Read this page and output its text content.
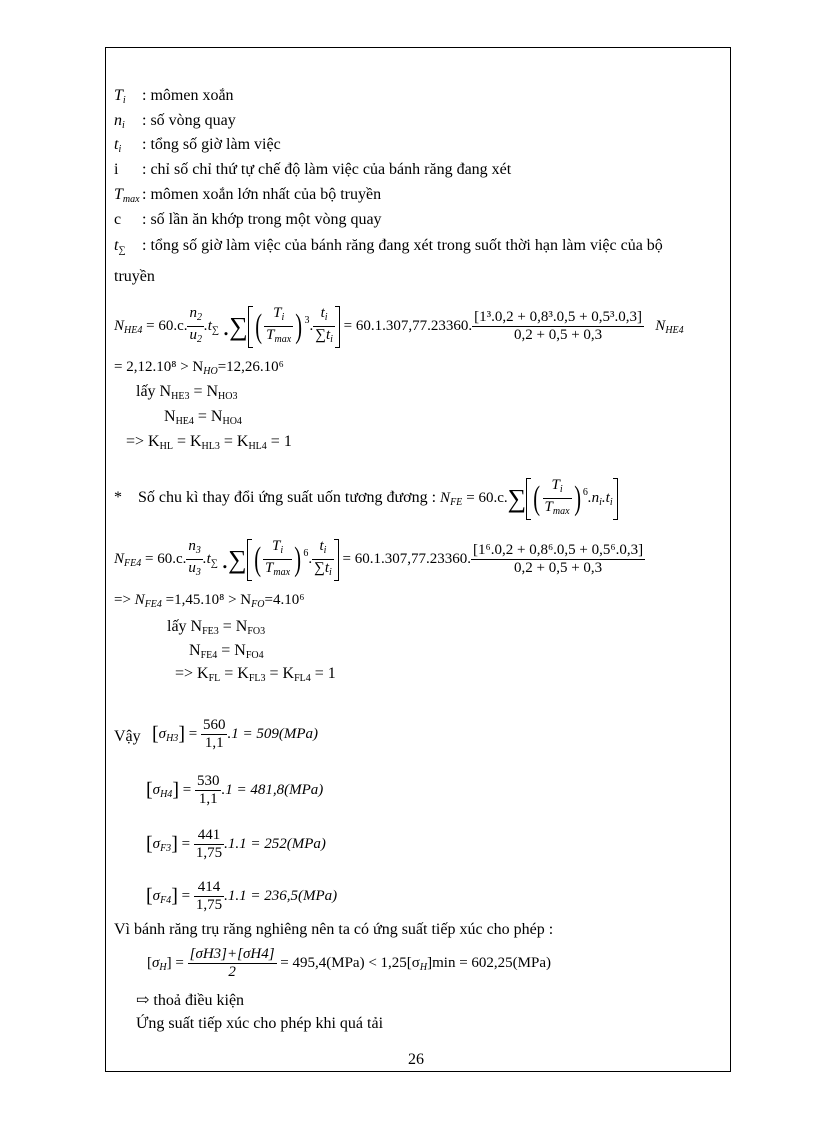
$T_i$ : mômen xoắn
$n_i$ : số vòng quay
$t_i$ : tổng số giờ làm việc
i : chỉ số chỉ thứ tự chế độ làm việc của bánh răng đang xét
$T_{max}$ : mômen xoắn lớn nhất của bộ truyền
c : số lần ăn khớp trong một vòng quay
$t_\sum$ : tổng số giờ làm việc của bánh răng đang xét trong suốt thời hạn làm việc của bộ
truyền
$N_{HE4} = 60.c$. $\frac{n_2}{u_2} .t_\sum$ .∑ ( $\frac{T_i}{T_{max}}$ ) $^3$. $\frac{t_i}{\sum t_i} = 60.1.307,77.23360$. $\frac{\text{[1³.0,2 + 0,8³.0,5 + 0,5³.0,3]}}{0,2 + 0,5 + 0,3} N_{HE4}$
= $2,12.10^8 > N_{HO}=12,26.10^6$
lấy $N_{HE3} = N_{HO3}$
$N_{HE4} = N_{HO4}$
=> $K_{HL} = K_{HL3} = K_{HL4} = 1$
* Số chu kì thay đổi ứng suất uốn tương đương : $N_{FE} = 60.c.\sum$ ( $\frac{T_i}{T_{max}}$ ) $^6.n_i.t_i$
$N_{FE4} = 60.c$. $\frac{n_3}{u_3} .t_\sum$ .∑ ( $\frac{T_i}{T_{max}}$ ) $^6$. $\frac{t_i}{\sum t_i} = 60.1.307,77.23360$. $\frac{\text{[1⁶.0,2 + 0,8⁶.0,5 + 0,5⁶.0,3]}}{0,2 + 0,5 + 0,3}$
=> $N_{FE4} =1,45.10^8 > N_{FO}=4.10^6$
lấy $N_{FE3} = N_{FO3}$
$N_{FE4} = N_{FO4}$
=> $K_{FL} = K_{FL3} = K_{FL4} = 1$
Vậy $[\sigma_{H3}] = \frac{560}{1,1} .1 = 509(MPa)$
$[\sigma_{H4}] = \frac{530}{1,1} .1 = 481,8(MPa)$
$[\sigma_{F3}] = \frac{441}{1,75} .1.1 = 252(MPa)$
$[\sigma_{F4}] = \frac{414}{1,75} .1.1 = 236,5(MPa)$
Vì bánh răng trụ răng nghiêng nên ta có ứng suất tiếp xúc cho phép :
$[\sigma_H] = \frac{[\sigma H3]+[\sigma H4]}{2} = 495,4(MPa) < 1,25[\sigma_H]\min = 602,25(MPa)$
⇨ thoả điều kiện
Ứng suất tiếp xúc cho phép khi quá tải
26
